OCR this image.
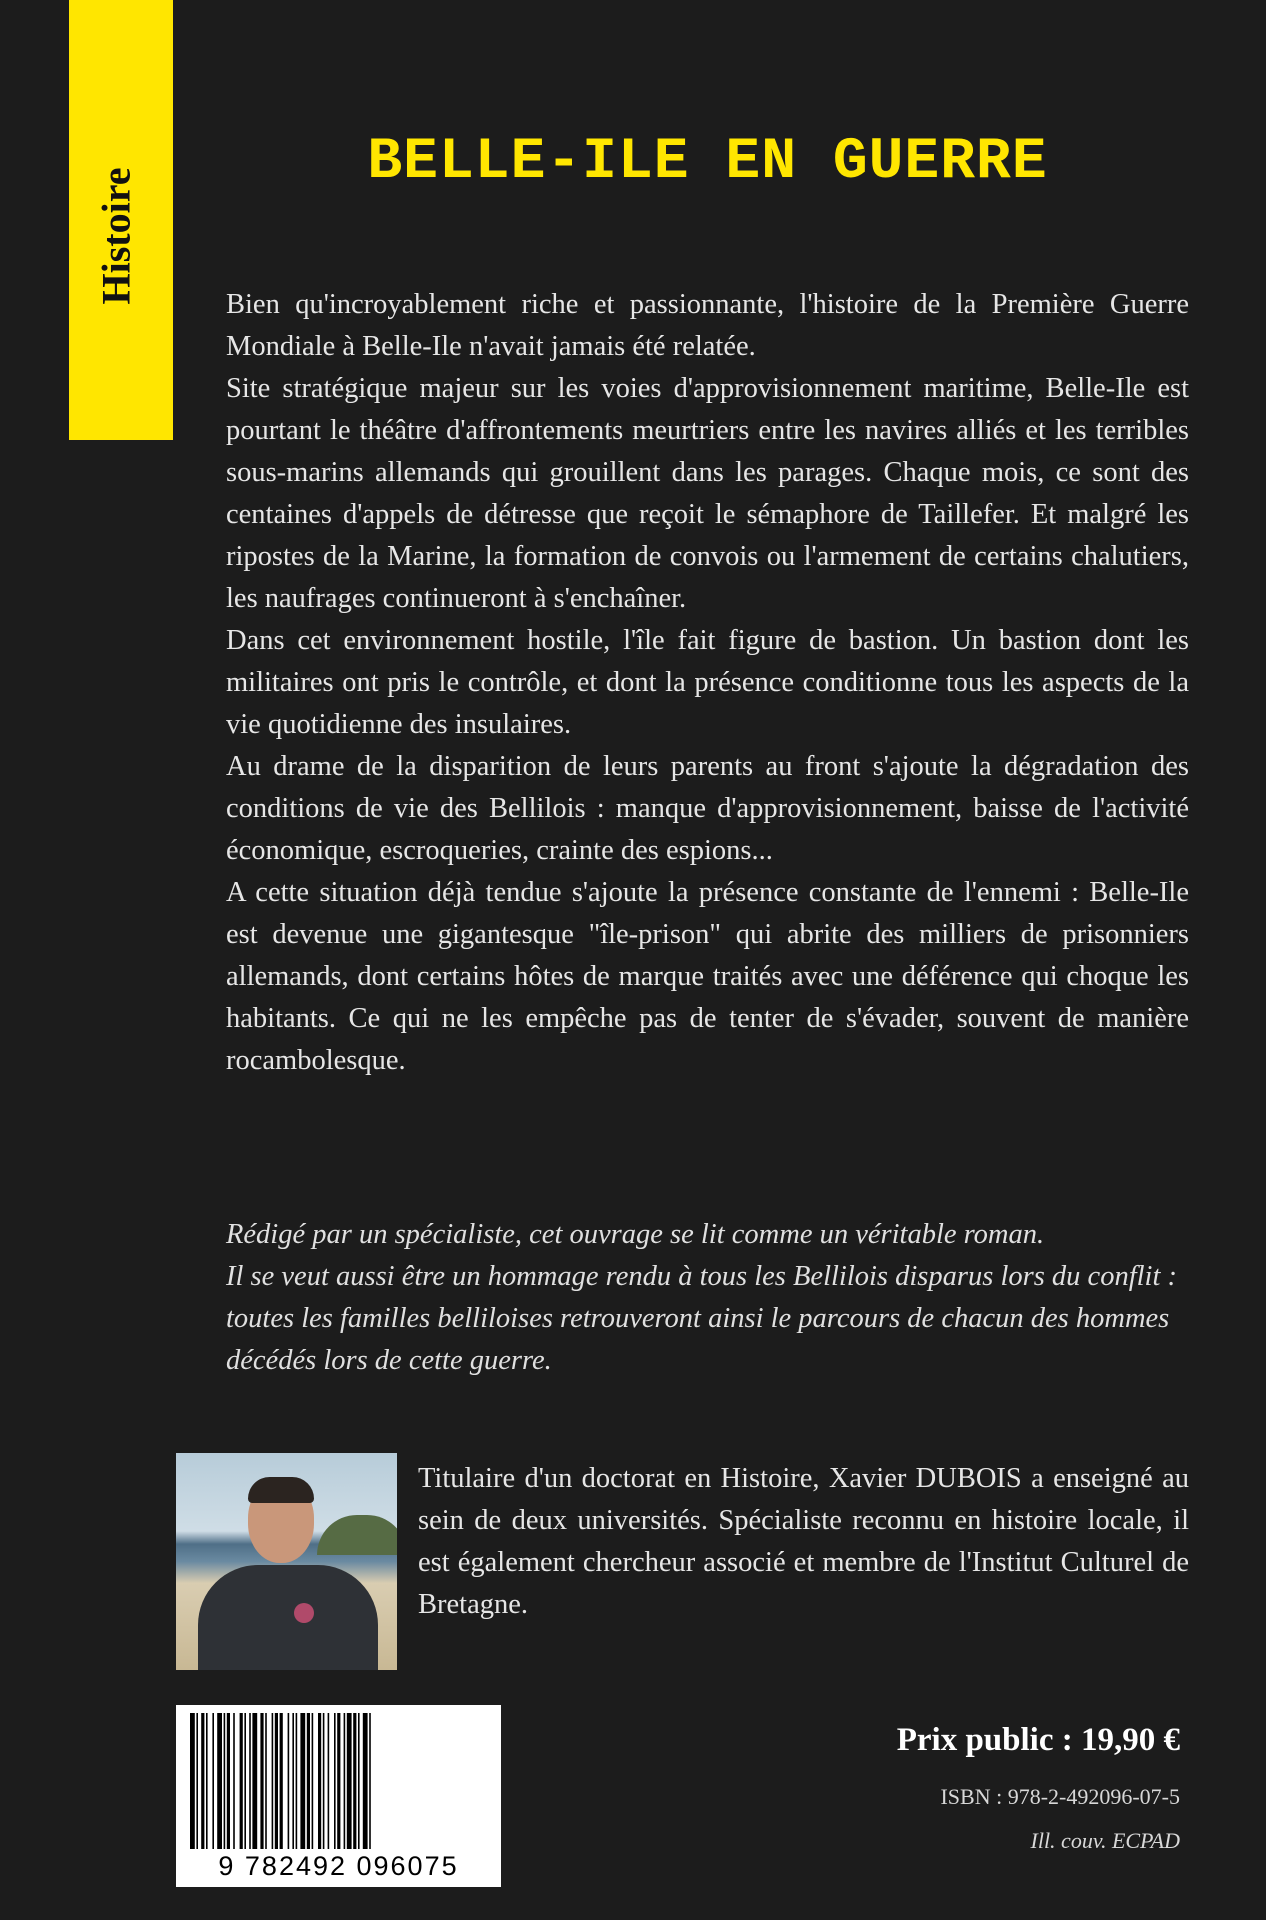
Histoire
BELLE-ILE EN GUERRE

Bien qu'incroyablement riche et passionnante, l'histoire de la Première Guerre Mondiale à Belle-Ile n'avait jamais été relatée.

Site stratégique majeur sur les voies d'approvisionnement maritime, Belle-Ile est pourtant le théâtre d'affrontements meurtriers entre les navires alliés et les terribles sous-marins allemands qui grouillent dans les parages. Chaque mois, ce sont des centaines d'appels de détresse que reçoit le sémaphore de Taillefer. Et malgré les ripostes de la Marine, la formation de convois ou l'armement de certains chalutiers, les naufrages continueront à s'enchaîner.

Dans cet environnement hostile, l'île fait figure de bastion. Un bastion dont les militaires ont pris le contrôle, et dont la présence conditionne tous les aspects de la vie quotidienne des insulaires.

Au drame de la disparition de leurs parents au front s'ajoute la dégradation des conditions de vie des Bellilois : manque d'approvisionnement, baisse de l'activité économique, escroqueries, crainte des espions...

A cette situation déjà tendue s'ajoute la présence constante de l'ennemi : Belle-Ile est devenue une gigantesque "île-prison" qui abrite des milliers de prisonniers allemands, dont certains hôtes de marque traités avec une déférence qui choque les habitants. Ce qui ne les empêche pas de tenter de s'évader, souvent de manière rocambolesque.

Rédigé par un spécialiste, cet ouvrage se lit comme un véritable roman.

Il se veut aussi être un hommage rendu à tous les Bellilois disparus lors du conflit : toutes les familles belliloises retrouveront ainsi le parcours de chacun des hommes décédés lors de cette guerre.

Titulaire d'un doctorat en Histoire, Xavier DUBOIS a enseigné au sein de deux universités. Spécialiste reconnu en histoire locale, il est également chercheur associé et membre de l'Institut Culturel de Bretagne.
9 782492 096075
Prix public : 19,90 €
ISBN : 978-2-492096-07-5
Ill. couv. ECPAD
